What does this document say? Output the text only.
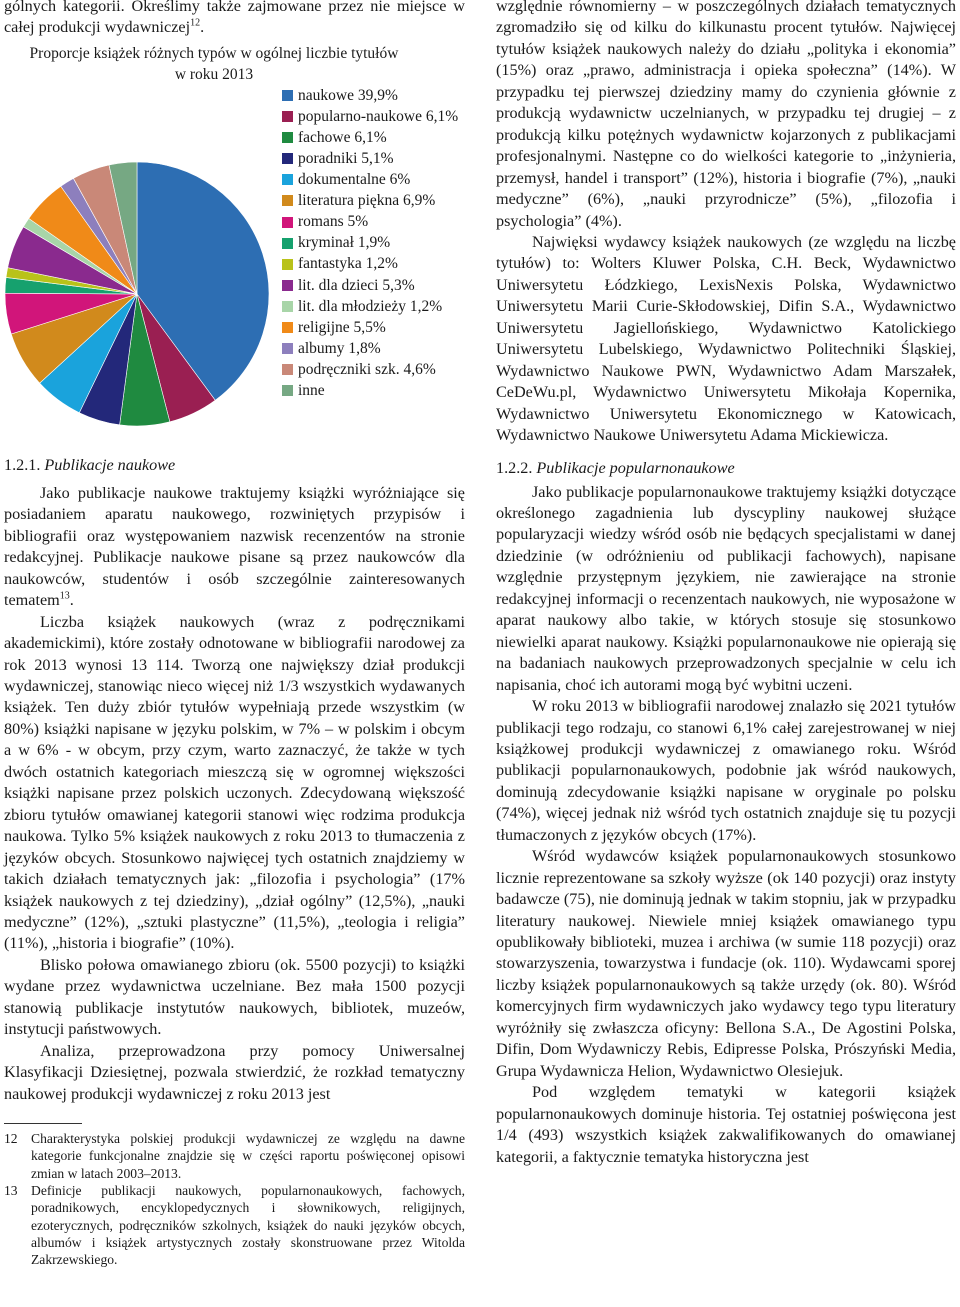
gólnych kategorii. Określimy także zajmowane przez nie miejsce w całej produkcji wydawniczej$^{12}$.

Proporcje książek różnych typów w ogólnej liczbie tytułów
w roku 2013
naukowe 39,9%
popularno-naukowe 6,1%
fachowe 6,1%
poradniki 5,1%
dokumentalne 6%
literatura piękna 6,9%
romans 5%
kryminał 1,9%
fantastyka 1,2%
lit. dla dzieci 5,3%
lit. dla młodzieży 1,2%
religijne 5,5%
albumy 1,8%
podręczniki szk. 4,6%
inne
1.2.1. Publikacje naukowe

Jako publikacje naukowe traktujemy książki wyróżniające się posiadaniem aparatu naukowego, rozwiniętych przypisów i bibliografii oraz występowaniem nazwisk recenzentów na stronie redakcyjnej. Publikacje naukowe pisane są przez naukowców dla naukowców, studentów i osób szczególnie zainteresowanych tematem$^{13}$.

Liczba książek naukowych (wraz z podręcznikami akademickimi), które zostały odnotowane w bibliografii narodowej za rok 2013 wynosi 13 114. Tworzą one największy dział produkcji wydawniczej, stanowiąc nieco więcej niż 1/3 wszystkich wydawanych książek. Ten duży zbiór tytułów wypełniają przede wszystkim (w 80%) książki napisane w języku polskim, w 7% – w polskim i obcym a w 6% - w obcym, przy czym, warto zaznaczyć, że także w tych dwóch ostatnich kategoriach mieszczą się w ogromnej większości książki napisane przez polskich uczonych. Zdecydowaną większość zbioru tytułów omawianej kategorii stanowi więc rodzima produkcja naukowa. Tylko 5% książek naukowych z roku 2013 to tłumaczenia z języków obcych. Stosunkowo najwięcej tych ostatnich znajdziemy w takich działach tematycznych jak: „filozofia i psychologia” (17% książek naukowych z tej dziedziny), „dział ogólny” (12,5%), „nauki medyczne” (12%), „sztuki plastyczne” (11,5%), „teologia i religia” (11%), „historia i biografie” (10%).

Blisko połowa omawianego zbioru (ok. 5500 pozycji) to książki wydane przez wydawnictwa uczelniane. Bez mała 1500 pozycji stanowią publikacje instytutów naukowych, bibliotek, muzeów, instytucji państwowych.

Analiza, przeprowadzona przy pomocy Uniwersalnej Klasyfikacji Dziesiętnej, pozwala stwierdzić, że rozkład tematyczny naukowej produkcji wydawniczej z roku 2013 jest

12 Charakterystyka polskiej produkcji wydawniczej ze względu na dawne kategorie funkcjonalne znajdzie się w części raportu poświęconej opisowi zmian w latach 2003–2013.
13 Definicje publikacji naukowych, popularnonaukowych, fachowych, poradnikowych, encyklopedycznych i słownikowych, religijnych, ezoterycznych, podręczników szkolnych, książek do nauki języków obcych, albumów i książek artystycznych zostały skonstruowane przez Witolda Zakrzewskiego.

względnie równomierny – w poszczególnych działach tematycznych zgromadziło się od kilku do kilkunastu procent tytułów. Najwięcej tytułów książek naukowych należy do działu „polityka i ekonomia” (15%) oraz „prawo, administracja i opieka społeczna” (14%). W przypadku tej pierwszej dziedziny mamy do czynienia głównie z produkcją wydawnictw uczelnianych, w przypadku tej drugiej – z produkcją kilku potężnych wydawnictw kojarzonych z publikacjami profesjonalnymi. Następne co do wielkości kategorie to „inżynieria, przemysł, handel i transport” (12%), historia i biografie (7%), „nauki medyczne” (6%), „nauki przyrodnicze” (5%), „filozofia i psychologia” (4%).

Najwięksi wydawcy książek naukowych (ze względu na liczbę tytułów) to: Wolters Kluwer Polska, C.H. Beck, Wydawnictwo Uniwersytetu Łódzkiego, LexisNexis Polska, Wydawnictwo Uniwersytetu Marii Curie-Skłodowskiej, Difin S.A., Wydawnictwo Uniwersytetu Jagiellońskiego, Wydawnictwo Katolickiego Uniwersytetu Lubelskiego, Wydawnictwo Politechniki Śląskiej, Wydawnictwo Naukowe PWN, Wydawnictwo Adam Marszałek, CeDeWu.pl, Wydawnictwo Uniwersytetu Mikołaja Kopernika, Wydawnictwo Uniwersytetu Ekonomicznego w Katowicach, Wydawnictwo Naukowe Uniwersytetu Adama Mickiewicza.

1.2.2. Publikacje popularnonaukowe

Jako publikacje popularnonaukowe traktujemy książki dotyczące określonego zagadnienia lub dyscypliny naukowej służące popularyzacji wiedzy wśród osób nie będących specjalistami w danej dziedzinie (w odróżnieniu od publikacji fachowych), napisane względnie przystępnym językiem, nie zawierające na stronie redakcyjnej informacji o recenzentach naukowych, nie wyposażone w aparat naukowy albo takie, w których stosuje się stosunkowo niewielki aparat naukowy. Książki popularnonaukowe nie opierają się na badaniach naukowych przeprowadzonych specjalnie w celu ich napisania, choć ich autorami mogą być wybitni uczeni.

W roku 2013 w bibliografii narodowej znalazło się 2021 tytułów publikacji tego rodzaju, co stanowi 6,1% całej zarejestrowanej w niej książkowej produkcji wydawniczej z omawianego roku. Wśród publikacji popularnonaukowych, podobnie jak wśród naukowych, dominują zdecydowanie książki napisane w oryginale po polsku (74%), więcej jednak niż wśród tych ostatnich znajduje się tu pozycji tłumaczonych z języków obcych (17%).

Wśród wydawców książek popularnonaukowych stosunkowo licznie reprezentowane sa szkoły wyższe (ok 140 pozycji) oraz instyty badawcze (75), nie dominują jednak w takim stopniu, jak w przypadku literatury naukowej. Niewiele mniej książek omawianego typu opublikowały biblioteki, muzea i archiwa (w sumie 118 pozycji) oraz stowarzyszenia, towarzystwa i fundacje (ok. 110). Wydawcami sporej liczby książek popularnonaukowych są także urzędy (ok. 80). Wśród komercyjnych firm wydawniczych jako wydawcy tego typu literatury wyróżniły się zwłaszcza oficyny: Bellona S.A., De Agostini Polska, Difin, Dom Wydawniczy Rebis, Edipresse Polska, Prószyński Media, Grupa Wydawnicza Helion, Wydawnictwo Olesiejuk.

Pod względem tematyki w kategorii książek popularnonaukowych dominuje historia. Tej ostatniej poświęcona jest 1/4 (493) wszystkich książek zakwalifikowanych do omawianej kategorii, a faktycznie tematyka historyczna jest
